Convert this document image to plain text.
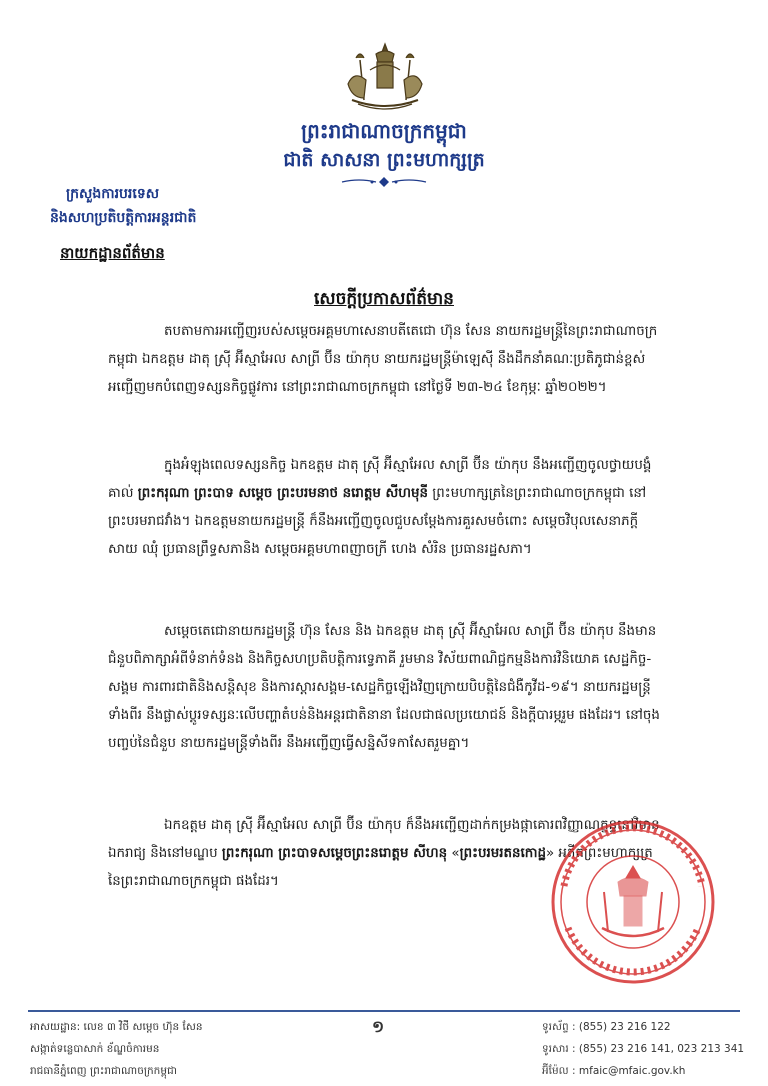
ព្រះរាជាណាចក្រកម្ពុជា
ជាតិ សាសនា ព្រះមហាក្សត្រ
ក្រសួងការបរទេស
និងសហប្រតិបត្តិការអន្តរជាតិ
នាយកដ្ឋានព័ត៌មាន
សេចក្តីប្រកាសព័ត៌មាន
តបតាមការអញ្ជើញរបស់សម្តេចអគ្គមហាសេនាបតីតេជោ ហ៊ុន សែន នាយករដ្ឋមន្ត្រីនៃព្រះរាជាណាចក្រកម្ពុជា ឯកឧត្តម ដាតុ ស្រ៊ី អ៊ីស្មាអែល សាព្រី ប៊ីន យ៉ាកុប នាយករដ្ឋមន្ត្រីម៉ាឡេស៊ី នឹងដឹកនាំគណៈប្រតិភូជាន់ខ្ពស់អញ្ជើញមកបំពេញទស្សនកិច្ចផ្លូវការ នៅព្រះរាជាណាចក្រកម្ពុជា នៅថ្ងៃទី ២៣-២៤ ខែកុម្ភៈ ឆ្នាំ២០២២។
ក្នុងអំឡុងពេលទស្សនកិច្ច ឯកឧត្តម ដាតុ ស្រ៊ី អ៊ីស្មាអែល សាព្រី ប៊ីន យ៉ាកុប នឹងអញ្ជើញចូលថ្វាយបង្គំគាល់ ព្រះករុណា ព្រះបាទ សម្តេច ព្រះបរមនាថ នរោត្តម សីហមុនី ព្រះមហាក្សត្រនៃព្រះរាជាណាចក្រកម្ពុជា នៅព្រះបរមរាជវាំង។ ឯកឧត្តមនាយករដ្ឋមន្ត្រី ក៏នឹងអញ្ជើញចូលជួបសម្តែងការគួរសមចំពោះ សម្តេចវិបុលសេនាភក្តី សាយ ឈុំ ប្រធានព្រឹទ្ធសភានិង សម្តេចអគ្គមហាពញាចក្រី ហេង សំរិន ប្រធានរដ្ឋសភា។
សម្តេចតេជោនាយករដ្ឋមន្ត្រី ហ៊ុន សែន និង ឯកឧត្តម ដាតុ ស្រ៊ី អ៊ីស្មាអែល សាព្រី ប៊ីន យ៉ាកុប នឹងមានជំនួបពិភាក្សាអំពីទំនាក់ទំនង និងកិច្ចសហប្រតិបត្តិការទ្វេភាគី រួមមាន វិស័យពាណិជ្ជកម្មនិងការវិនិយោគ សេដ្ឋកិច្ច-សង្គម ការពារជាតិនិងសន្តិសុខ និងការស្តារសង្គម-សេដ្ឋកិច្ចឡើងវិញក្រោយបិបត្តិនៃជំងឺកូវីដ-១៩។ នាយករដ្ឋមន្ត្រីទាំងពីរ នឹងផ្លាស់ប្តូរទស្សនៈលើបញ្ហាតំបន់និងអន្តរជាតិនានា ដែលជាផលប្រយោជន៍ និងក្តីបារម្ភរួម ផងដែរ។ នៅចុងបញ្ចប់នៃជំនួប នាយករដ្ឋមន្ត្រីទាំងពីរ នឹងអញ្ជើញធ្វើសន្និសីទកាសែតរួមគ្នា។
ឯកឧត្តម ដាតុ ស្រ៊ី អ៊ីស្មាអែល សាព្រី ប៊ីន យ៉ាកុប ក៏នឹងអញ្ជើញដាក់កម្រងផ្កាគោរពវិញ្ញាណក្ខន្ធនៅវិមានឯករាជ្យ និងនៅមណ្ឌប ព្រះករុណា ព្រះបាទសម្តេចព្រះនរោត្តម សីហនុ «ព្រះបរមរតនកោដ្ឋ» អតីតព្រះមហាក្សត្រនៃព្រះរាជាណាចក្រកម្ពុជា ផងដែរ។
អាសយដ្ឋាន: លេខ ៣ វិថី សម្តេច ហ៊ុន សែន
សង្កាត់ទន្លេបាសាក់ ខ័ណ្ឌចំការមន
រាជធានីភ្នំពេញ ព្រះរាជាណាចក្រកម្ពុជា
១	ទូរស័ព្ទ : (855) 23 216 122
ទូរសារ : (855) 23 216 141, 023 213 341
អ៊ីម៉ែល : mfaic@mfaic.gov.kh
